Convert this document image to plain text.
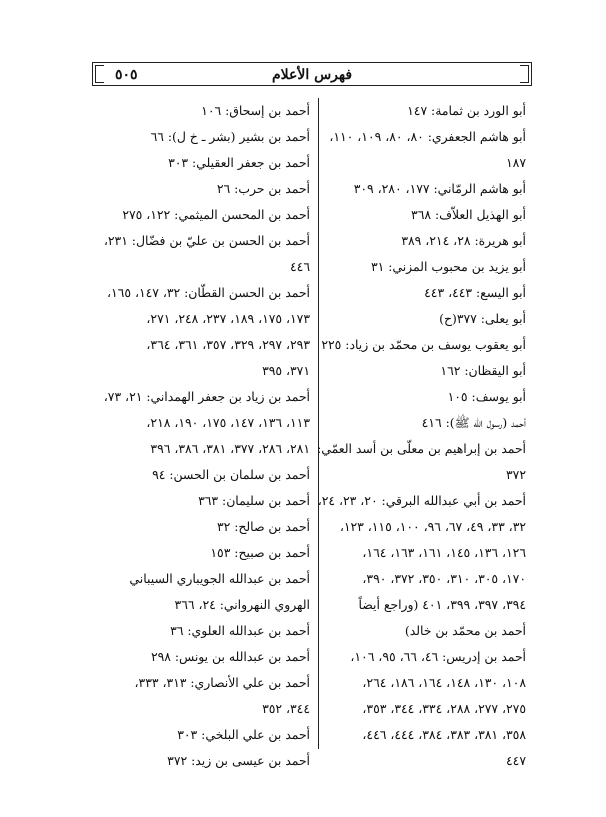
فهرس الأعلام
٥٠٥
أبو الورد بن ثمامة: ١٤٧
أبو هاشم الجعفري: ٨٠، ٨٠، ١٠٩، ١١٠،
١٨٧
أبو هاشم الرمّاني: ١٧٧، ٢٨٠، ٣٠٩
أبو الهذيل العلاّف: ٣٦٨
أبو هريرة: ٢٨، ٢١٤، ٣٨٩
أبو يزيد بن محبوب المزني: ٣١
أبو اليسع: ٤٤٣، ٤٤٣
أبو يعلى: ٣٧٧(ح)
أبو يعقوب يوسف بن محمّد بن زياد: ٢٢٥
أبو اليقظان: ١٦٢
أبو يوسف: ١٠٥
أحمد (رسول الله ﷺ): ٤١٦
أحمد بن إبراهيم بن معلّى بن أسد العمّي:
٣٧٢
أحمد بن أبي عبدالله البرقي: ٢٠، ٢٣، ٢٤،
٣٢، ٣٣، ٤٩، ٦٧، ٩٦، ١٠٠، ١١٥، ١٢٣،
١٢٦، ١٣٦، ١٤٥، ١٦١، ١٦٣، ١٦٤،
١٧٠، ٣٠٥، ٣١٠، ٣٥٠، ٣٧٢، ٣٩٠،
٣٩٤، ٣٩٧، ٣٩٩، ٤٠١ (وراجع أيضاً
أحمد بن محمّد بن خالد)
أحمد بن إدريس: ٤٦، ٦٦، ٩٥، ١٠٦،
١٠٨، ١٣٠، ١٤٨، ١٦٤، ١٨٦، ٢٦٤،
٢٧٥، ٢٧٧، ٢٨٨، ٣٣٤، ٣٤٤، ٣٥٣،
٣٥٨، ٣٨١، ٣٨٣، ٣٨٤، ٤٤٤، ٤٤٦،
٤٤٧
أحمد بن إسحاق: ١٠٦
أحمد بن بشير (بشر ـ خ ل): ٦٦
أحمد بن جعفر العقيلي: ٣٠٣
أحمد بن حرب: ٢٦
أحمد بن المحسن الميثمي: ١٢٢، ٢٧٥
أحمد بن الحسن بن عليّ بن فضّال: ٢٣١،
٤٤٦
أحمد بن الحسن القطّان: ٣٢، ١٤٧، ١٦٥،
١٧٣، ١٧٥، ١٨٩، ٢٣٧، ٢٤٨، ٢٧١،
٢٩٣، ٢٩٧، ٣٢٩، ٣٥٧، ٣٦١، ٣٦٤،
٣٧١، ٣٩٥
أحمد بن زياد بن جعفر الهمداني: ٢١، ٧٣،
١١٣، ١٣٦، ١٤٧، ١٧٥، ١٩٠، ٢١٨،
٢٨١، ٢٨٦، ٣٧٧، ٣٨١، ٣٨٦، ٣٩٦
أحمد بن سلمان بن الحسن: ٩٤
أحمد بن سليمان: ٣٦٣
أحمد بن صالح: ٣٢
أحمد بن صبيح: ١٥٣
أحمد بن عبدالله الجويباري السيباني
الهروي النهرواني: ٢٤، ٣٦٦
أحمد بن عبدالله العلوي: ٣٦
أحمد بن عبدالله بن يونس: ٢٩٨
أحمد بن علي الأنصاري: ٣١٣، ٣٣٣،
٣٤٤، ٣٥٢
أحمد بن علي البلخي: ٣٠٣
أحمد بن عيسى بن زيد: ٣٧٢
